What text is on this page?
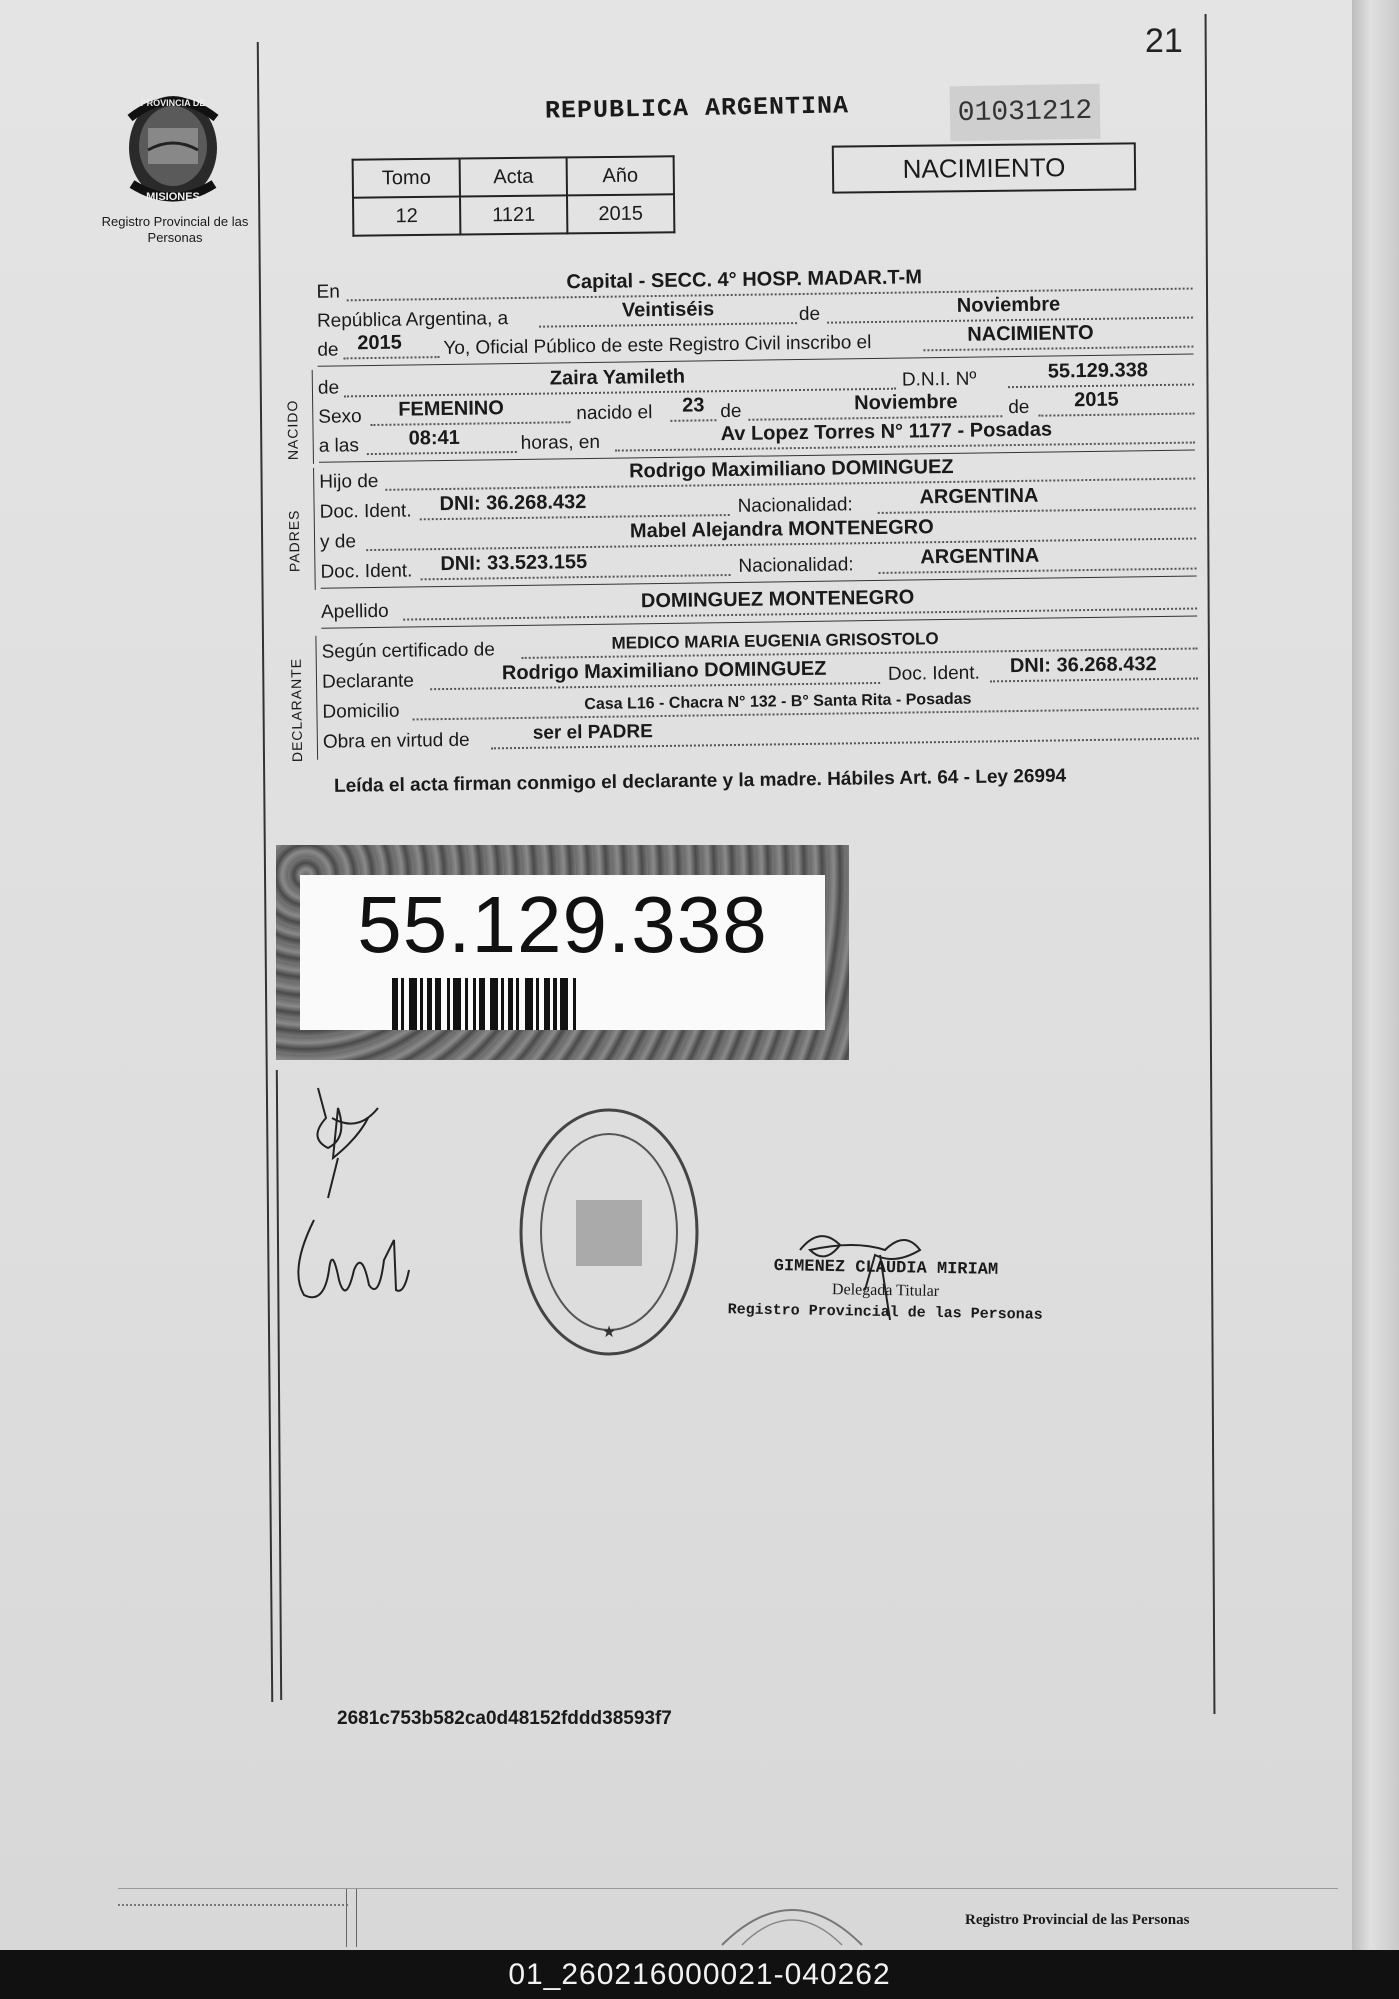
21
PROVINCIA DE
MISIONES
Registro Provincial de las Personas
REPUBLICA ARGENTINA	01031212
Tomo	Acta	Año
12	1121	2015
NACIMIENTO
En	Capital - SECC. 4° HOSP. MADAR.T-M
República Argentina, a	Veintiséis	de	Noviembre
de 2015 Yo, Oficial Público de este Registro Civil inscribo el	NACIMIENTO
de	Zaira Yamileth	D.N.I. Nº	55.129.338
Sexo FEMENINO	nacido el 23 de	Noviembre	de 2015
a las 08:41	horas, en	Av Lopez Torres N° 1177 - Posadas
Hijo de	Rodrigo Maximiliano DOMINGUEZ
Doc. Ident. DNI: 36.268.432	Nacionalidad:	ARGENTINA
y de	Mabel Alejandra MONTENEGRO
Doc. Ident. DNI: 33.523.155	Nacionalidad:	ARGENTINA
Apellido	DOMINGUEZ MONTENEGRO
Según certificado de	MEDICO MARIA EUGENIA GRISOSTOLO
Declarante	Rodrigo Maximiliano DOMINGUEZ	Doc. Ident. DNI: 36.268.432
Domicilio	Casa L16 - Chacra N° 132 - B° Santa Rita - Posadas
Obra en virtud de	ser el PADRE
NACIDO
PADRES
DECLARANTE
Leída el acta firman conmigo el declarante y la madre. Hábiles Art. 64 - Ley 26994
55.129.338
★
GIMENEZ CLAUDIA MIRIAM
Delegada Titular
Registro Provincial de las Personas
2681c753b582ca0d48152fddd38593f7
Registro Provincial de las Personas
01_260216000021-040262
